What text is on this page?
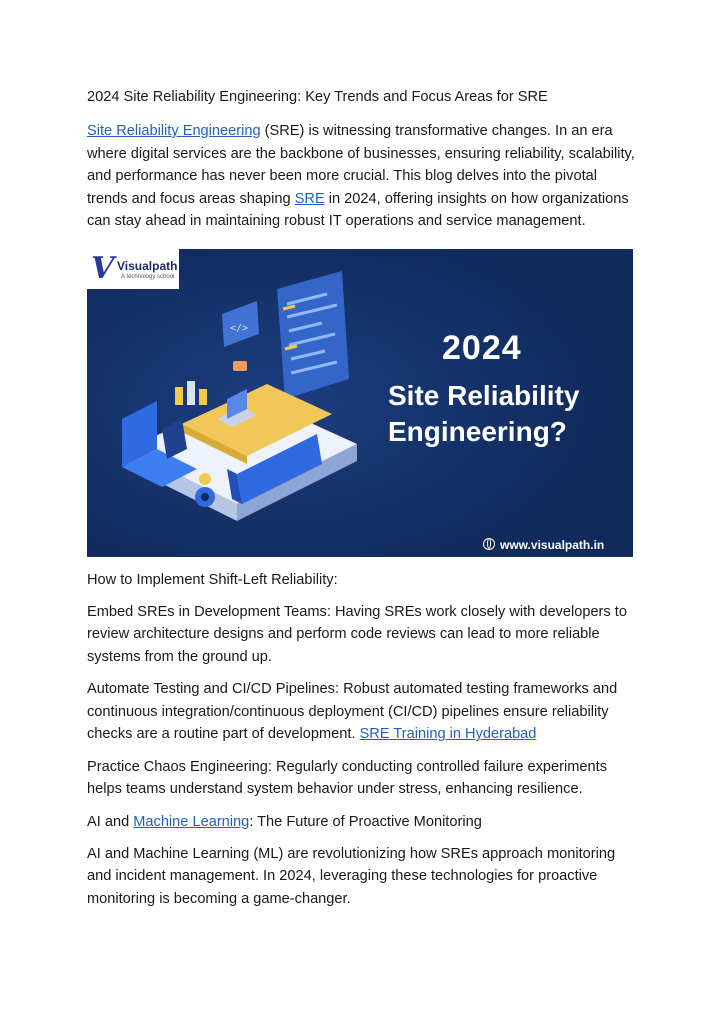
2024 Site Reliability Engineering: Key Trends and Focus Areas for SRE

Site Reliability Engineering (SRE) is witnessing transformative changes. In an era where digital services are the backbone of businesses, ensuring reliability, scalability, and performance has never been more crucial. This blog delves into the pivotal trends and focus areas shaping SRE in 2024, offering insights on how organizations can stay ahead in maintaining robust IT operations and service management.

</>
V Visualpath
A technology school
2024
Site Reliability
Engineering?
www.visualpath.in

How to Implement Shift-Left Reliability:

Embed SREs in Development Teams: Having SREs work closely with developers to review architecture designs and perform code reviews can lead to more reliable systems from the ground up.

Automate Testing and CI/CD Pipelines: Robust automated testing frameworks and continuous integration/continuous deployment (CI/CD) pipelines ensure reliability checks are a routine part of development. SRE Training in Hyderabad

Practice Chaos Engineering: Regularly conducting controlled failure experiments helps teams understand system behavior under stress, enhancing resilience.

AI and Machine Learning: The Future of Proactive Monitoring

AI and Machine Learning (ML) are revolutionizing how SREs approach monitoring and incident management. In 2024, leveraging these technologies for proactive monitoring is becoming a game-changer.
